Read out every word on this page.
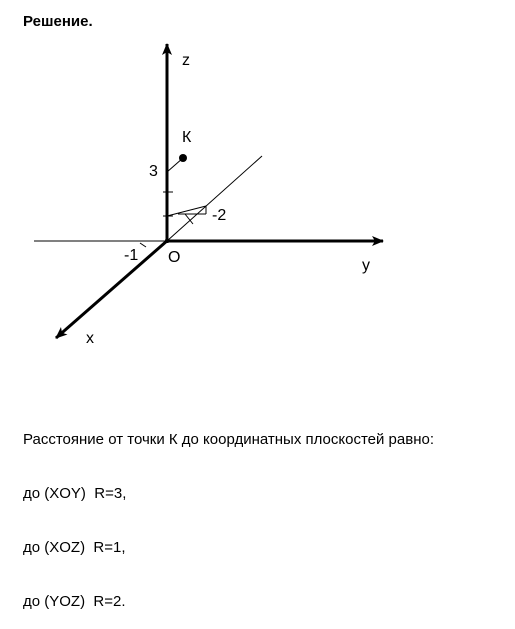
Решение.
z
y
x
O
К
3
-2
-1

Расстояние от точки К до координатных плоскостей равно:

до (XOY)  R=3,

до (XOZ)  R=1,

до (YOZ)  R=2.
